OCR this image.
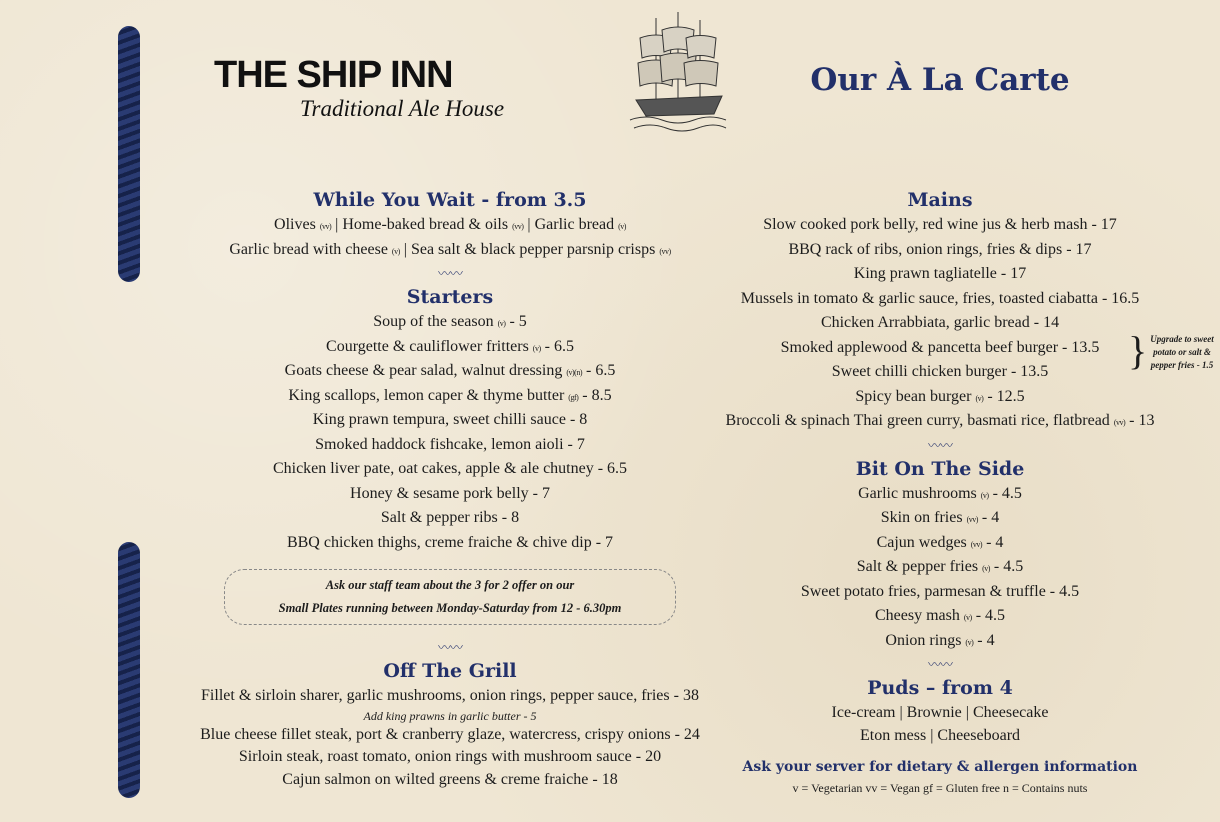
THE SHIP INN
Traditional Ale House
Our À La Carte
While You Wait - from 3.5
Olives (vv) | Home-baked bread & oils (vv) | Garlic bread (v)
Garlic bread with cheese (v) | Sea salt & black pepper parsnip crisps (vv)
〰〰
Starters
Soup of the season (v) - 5
Courgette & cauliflower fritters (v) - 6.5
Goats cheese & pear salad, walnut dressing (v)(n) - 6.5
King scallops, lemon caper & thyme butter (gf) - 8.5
King prawn tempura, sweet chilli sauce - 8
Smoked haddock fishcake, lemon aioli - 7
Chicken liver pate, oat cakes, apple & ale chutney - 6.5
Honey & sesame pork belly - 7
Salt & pepper ribs - 8
BBQ chicken thighs, creme fraiche & chive dip - 7
Ask our staff team about the 3 for 2 offer on our
Small Plates running between Monday-Saturday from 12 - 6.30pm
〰〰
Off The Grill
Fillet & sirloin sharer, garlic mushrooms, onion rings, pepper sauce, fries - 38
Add king prawns in garlic butter - 5
Blue cheese fillet steak, port & cranberry glaze, watercress, crispy onions - 24
Sirloin steak, roast tomato, onion rings with mushroom sauce - 20
Cajun salmon on wilted greens & creme fraiche - 18
Mains
Slow cooked pork belly, red wine jus & herb mash - 17
BBQ rack of ribs, onion rings, fries & dips - 17
King prawn tagliatelle - 17
Mussels in tomato & garlic sauce, fries, toasted ciabatta - 16.5
Chicken Arrabbiata, garlic bread - 14
Smoked applewood & pancetta beef burger - 13.5
Sweet chilli chicken burger - 13.5
Spicy bean burger (v) - 12.5
} Upgrade to sweet potato or salt & pepper fries - 1.5
Broccoli & spinach Thai green curry, basmati rice, flatbread (vv) - 13
〰〰
Bit On The Side
Garlic mushrooms (v) - 4.5
Skin on fries (vv) - 4
Cajun wedges (vv) - 4
Salt & pepper fries (v) - 4.5
Sweet potato fries, parmesan & truffle - 4.5
Cheesy mash (v) - 4.5
Onion rings (v) - 4
〰〰
Puds – from 4
Ice-cream | Brownie | Cheesecake
Eton mess | Cheeseboard
Ask your server for dietary & allergen information
v = Vegetarian vv = Vegan gf = Gluten free n = Contains nuts
